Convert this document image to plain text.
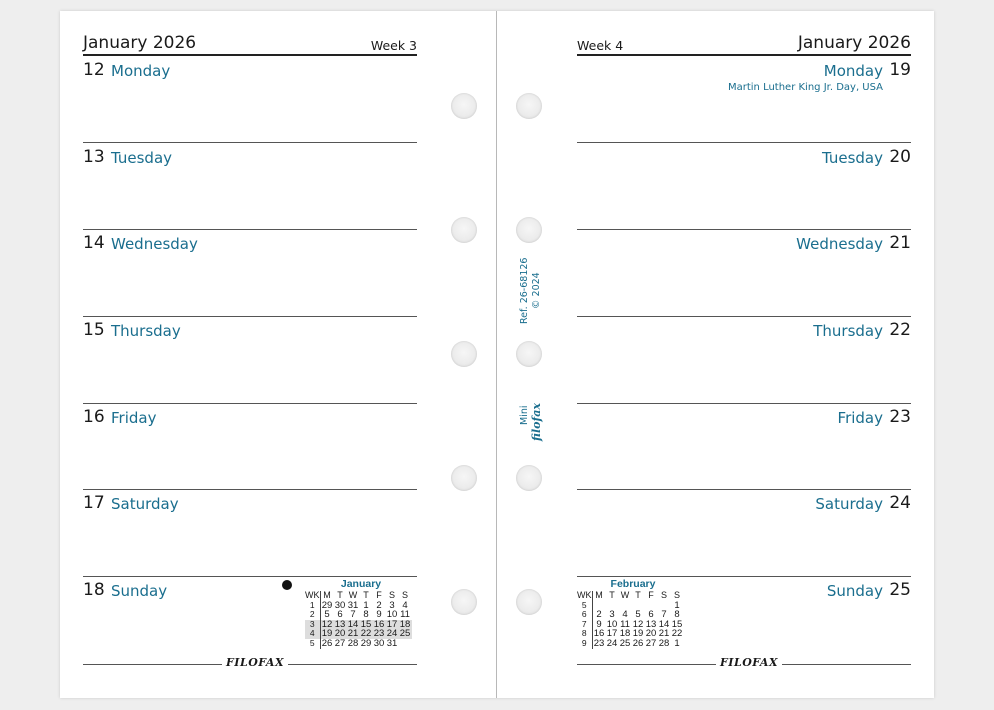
January 2026	Week 3
12 Monday
13 Tuesday
14 Wednesday
15 Thursday
16 Friday
17 Saturday
18 Sunday	January
WK	M	T	W	T	F	S	S
1	29	30	31	1	2	3	4
2	5	6	7	8	9	10	11
3	12	13	14	15	16	17	18
4	19	20	21	22	23	24	25
5	26	27	28	29	30	31	
FILOFAX
Ref. 26-68126 © 2024
Mini filofax
Week 4	January 2026
19
Monday
Martin Luther King Jr. Day, USA
20
Tuesday
21
Wednesday
22
Thursday
23
Friday
24
Saturday
25
Sunday
February
WK	M	T	W	T	F	S	S
5							1
6	2	3	4	5	6	7	8
7	9	10	11	12	13	14	15
8	16	17	18	19	20	21	22
9	23	24	25	26	27	28	1
FILOFAX
